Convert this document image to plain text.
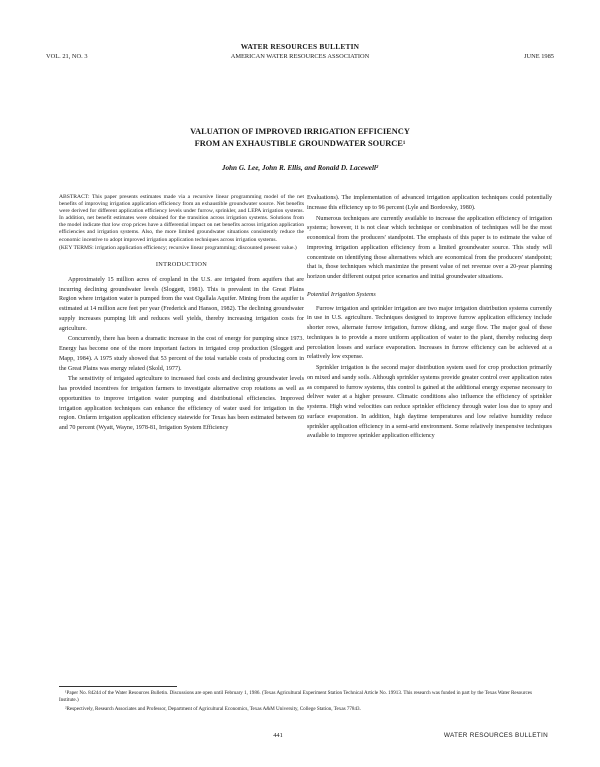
WATER RESOURCES BULLETIN
VOL. 21, NO. 3	AMERICAN WATER RESOURCES ASSOCIATION	JUNE 1985
VALUATION OF IMPROVED IRRIGATION EFFICIENCY
FROM AN EXHAUSTIBLE GROUNDWATER SOURCE¹
John G. Lee, John R. Ellis, and Ronald D. Lacewell²

ABSTRACT: This paper presents estimates made via a recursive linear programming model of the net benefits of improving irrigation application efficiency from an exhaustible groundwater source. Net benefits were derived for different application efficiency levels under furrow, sprinkler, and LEPA irrigation systems. In addition, net benefit estimates were obtained for the transition across irrigation systems. Solutions from the model indicate that low crop prices have a differential impact on net benefits across irrigation application efficiencies and irrigation systems. Also, the more limited groundwater situations consistently reduce the economic incentive to adopt improved irrigation application techniques across irrigation systems.

(KEY TERMS: irrigation application efficiency; recursive linear programming; discounted present value.)

INTRODUCTION

Approximately 15 million acres of cropland in the U.S. are irrigated from aquifers that are incurring declining groundwater levels (Sloggett, 1981). This is prevalent in the Great Plains Region where irrigation water is pumped from the vast Ogallala Aquifer. Mining from the aquifer is estimated at 14 million acre feet per year (Frederick and Hanson, 1982). The declining groundwater supply increases pumping lift and reduces well yields, thereby increasing irrigation costs for agriculture.

Concurrently, there has been a dramatic increase in the cost of energy for pumping since 1973. Energy has become one of the more important factors in irrigated crop production (Sloggett and Mapp, 1984). A 1975 study showed that 53 percent of the total variable costs of producing corn in the Great Plains was energy related (Skold, 1977).

The sensitivity of irrigated agriculture to increased fuel costs and declining groundwater levels has provided incentives for irrigation farmers to investigate alternative crop rotations as well as opportunities to improve irrigation water pumping and distributional efficiencies. Improved irrigation application techniques can enhance the efficiency of water used for irrigation in the region. Onfarm irrigation application efficiency statewide for Texas has been estimated between 60 and 70 percent (Wyatt, Wayne, 1978-81, Irrigation System Efficiency

Evaluations). The implementation of advanced irrigation application techniques could potentially increase this efficiency up to 96 percent (Lyle and Bordovsky, 1980).

Numerous techniques are currently available to increase the application efficiency of irrigation systems; however, it is not clear which technique or combination of techniques will be the most economical from the producers' standpoint. The emphasis of this paper is to estimate the value of improving irrigation application efficiency from a limited groundwater source. This study will concentrate on identifying those alternatives which are economical from the producers' standpoint; that is, those techniques which maximize the present value of net revenue over a 20-year planning horizon under different output price scenarios and initial groundwater situations.

Potential Irrigation Systems

Furrow irrigation and sprinkler irrigation are two major irrigation distribution systems currently in use in U.S. agriculture. Techniques designed to improve furrow application efficiency include shorter rows, alternate furrow irrigation, furrow diking, and surge flow. The major goal of these techniques is to provide a more uniform application of water to the plant, thereby reducing deep percolation losses and surface evaporation. Increases in furrow efficiency can be achieved at a relatively low expense.

Sprinkler irrigation is the second major distribution system used for crop production primarily on mixed and sandy soils. Although sprinkler systems provide greater control over application rates as compared to furrow systems, this control is gained at the additional energy expense necessary to deliver water at a higher pressure. Climatic conditions also influence the efficiency of sprinkler systems. High wind velocities can reduce sprinkler efficiency through water loss due to spray and surface evaporation. In addition, high daytime temperatures and low relative humidity reduce sprinkler application efficiency in a semi-arid environment. Some relatively inexpensive techniques available to improve sprinkler application efficiency

¹Paper No. 84244 of the Water Resources Bulletin. Discussions are open until February 1, 1986. (Texas Agricultural Experiment Station Technical Article No. 19913. This research was funded in part by the Texas Water Resources Institute.)

²Respectively, Research Associates and Professor, Department of Agricultural Economics, Texas A&M University, College Station, Texas 77843.

441	WATER RESOURCES BULLETIN
